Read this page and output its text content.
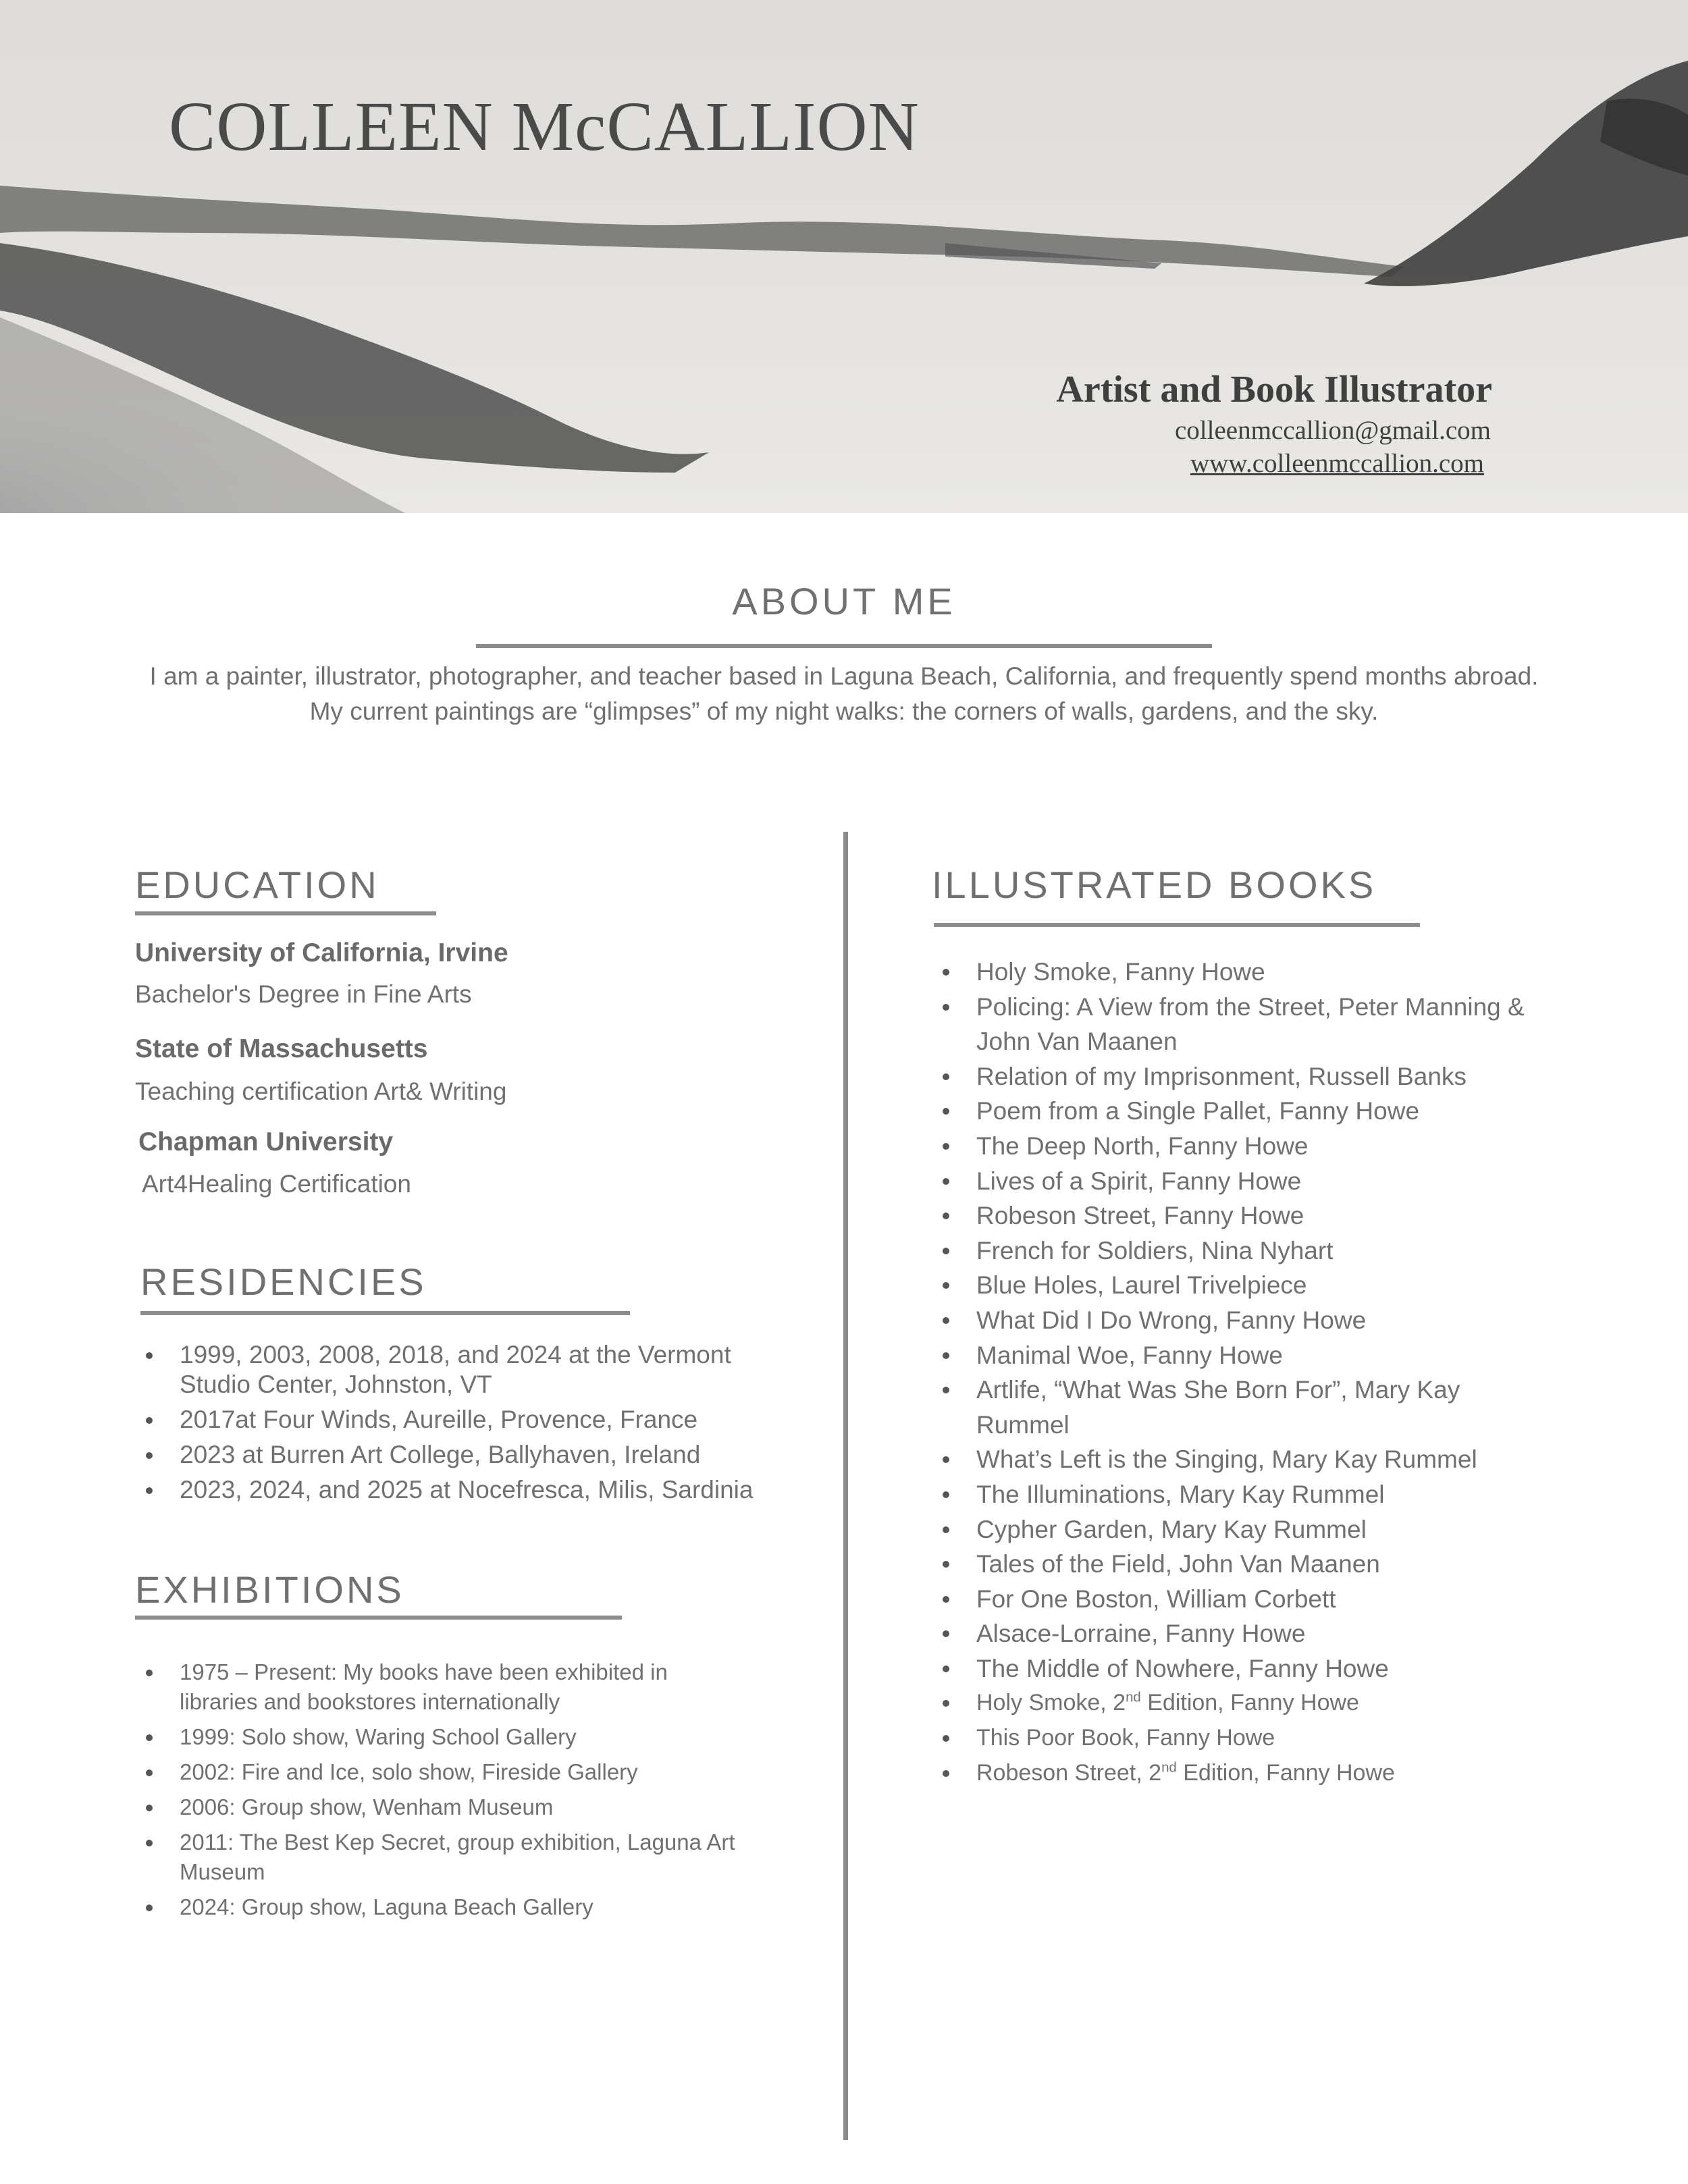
COLLEEN McCALLION
Artist and Book Illustrator
colleenmccallion@gmail.com
www.colleenmccallion.com
ABOUT ME
I am a painter, illustrator, photographer, and teacher based in Laguna Beach, California, and frequently spend months abroad. My current paintings are “glimpses” of my night walks: the corners of walls, gardens, and the sky.
EDUCATION
University of California, Irvine
Bachelor's Degree in Fine Arts
State of Massachusetts
Teaching certification Art& Writing
Chapman University
Art4Healing Certification
RESIDENCIES
1999, 2003, 2008, 2018, and 2024 at the Vermont Studio Center, Johnston, VT
2017at Four Winds, Aureille, Provence, France
2023 at Burren Art College, Ballyhaven, Ireland
2023, 2024, and 2025 at Nocefresca, Milis, Sardinia
EXHIBITIONS
1975 – Present: My books have been exhibited in libraries and bookstores internationally
1999: Solo show, Waring School Gallery
2002: Fire and Ice, solo show, Fireside Gallery
2006: Group show, Wenham Museum
2011: The Best Kep Secret, group exhibition, Laguna Art Museum
2024: Group show, Laguna Beach Gallery
ILLUSTRATED BOOKS
Holy Smoke, Fanny Howe
Policing: A View from the Street, Peter Manning & John Van Maanen
Relation of my Imprisonment, Russell Banks
Poem from a Single Pallet, Fanny Howe
The Deep North, Fanny Howe
Lives of a Spirit, Fanny Howe
Robeson Street, Fanny Howe
French for Soldiers, Nina Nyhart
Blue Holes, Laurel Trivelpiece
What Did I Do Wrong, Fanny Howe
Manimal Woe, Fanny Howe
Artlife, “What Was She Born For”, Mary Kay Rummel
What’s Left is the Singing, Mary Kay Rummel
The Illuminations, Mary Kay Rummel
Cypher Garden, Mary Kay Rummel
Tales of the Field, John Van Maanen
For One Boston, William Corbett
Alsace-Lorraine, Fanny Howe
The Middle of Nowhere, Fanny Howe
Holy Smoke, 2nd Edition, Fanny Howe
This Poor Book, Fanny Howe
Robeson Street, 2nd Edition, Fanny Howe
